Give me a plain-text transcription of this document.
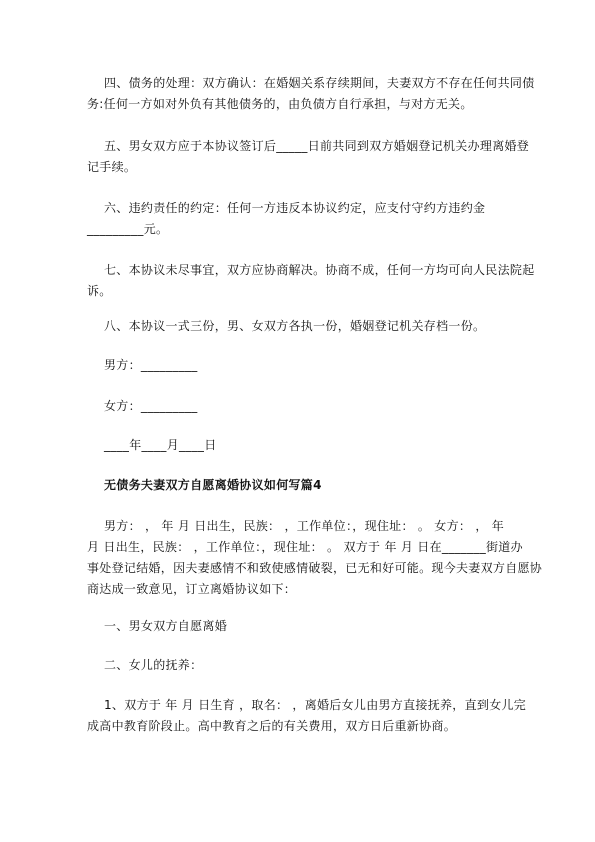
四、债务的处理：双方确认：在婚姻关系存续期间，夫妻双方不存在任何共同债
务:任何一方如对外负有其他债务的，由负债方自行承担，与对方无关。
五、男女双方应于本协议签订后_____日前共同到双方婚姻登记机关办理离婚登
记手续。
六、违约责任的约定：任何一方违反本协议约定，应支付守约方违约金
_________元。
七、本协议未尽事宜，双方应协商解决。协商不成，任何一方均可向人民法院起
诉。
八、本协议一式三份，男、女双方各执一份，婚姻登记机关存档一份。
男方：_________
女方：_________
____年____月____日
无债务夫妻双方自愿离婚协议如何写篇4
男方： ， 年 月 日出生，民族： ，工作单位：，现住址： 。 女方： ， 年
月 日出生，民族： ，工作单位：，现住址： 。 双方于 年 月 日在_______街道办
事处登记结婚，因夫妻感情不和致使感情破裂，已无和好可能。现今夫妻双方自愿协
商达成一致意见，订立离婚协议如下：
一、男女双方自愿离婚
二、女儿的抚养：
1、双方于 年 月 日生育 ，取名： ，离婚后女儿由男方直接抚养，直到女儿完
成高中教育阶段止。高中教育之后的有关费用，双方日后重新协商。
